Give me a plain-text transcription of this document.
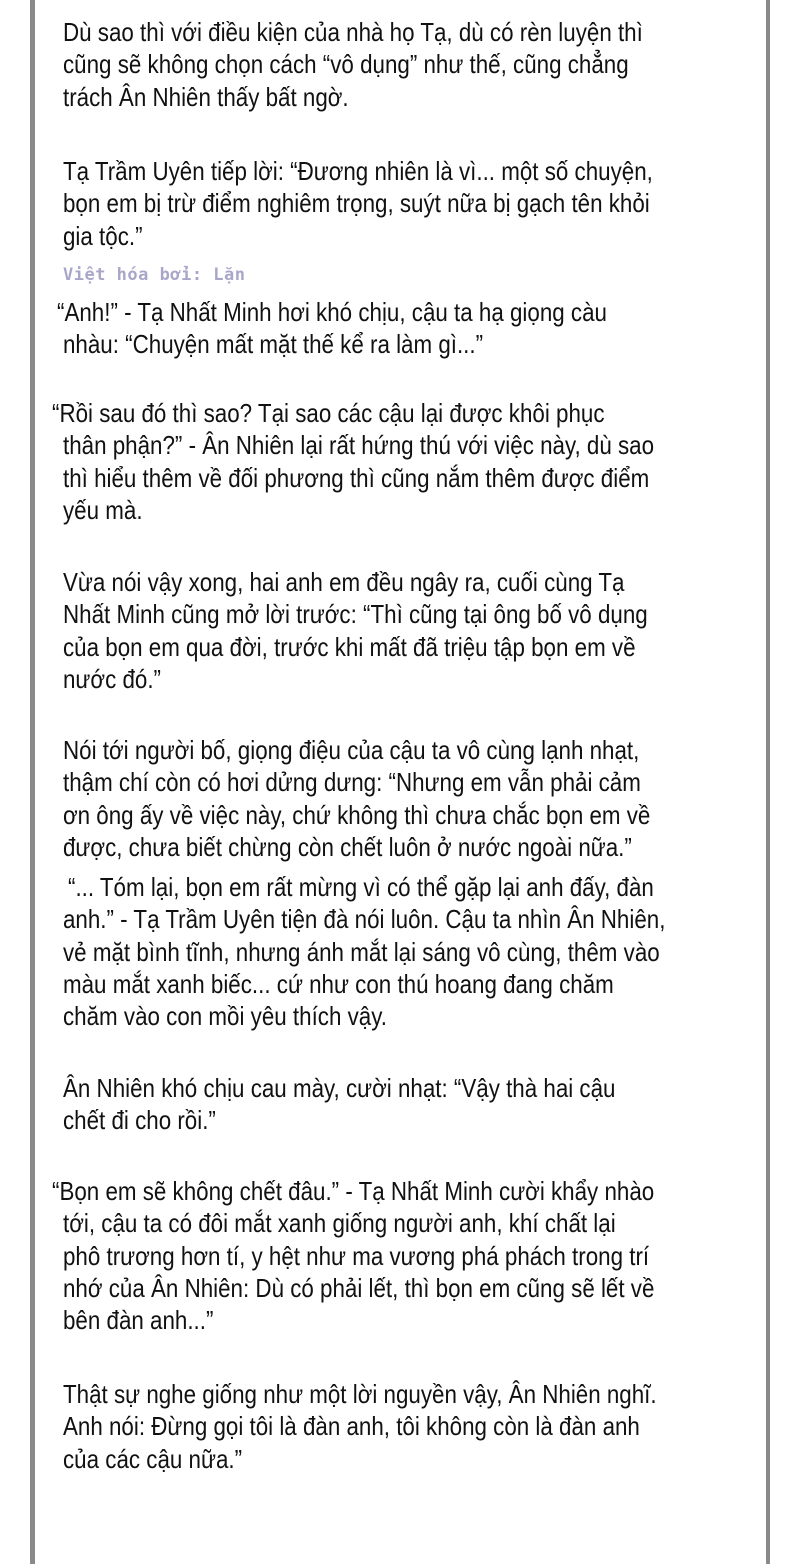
Việt hóa bởi: Lặn
Dù sao thì với điều kiện của nhà họ Tạ, dù có rèn luyện thì
cũng sẽ không chọn cách “vô dụng” như thế, cũng chẳng
trách Ân Nhiên thấy bất ngờ.
Tạ Trầm Uyên tiếp lời: “Đương nhiên là vì... một số chuyện,
bọn em bị trừ điểm nghiêm trọng, suýt nữa bị gạch tên khỏi
gia tộc.”
“Anh!” - Tạ Nhất Minh hơi khó chịu, cậu ta hạ giọng càu
nhàu: “Chuyện mất mặt thế kể ra làm gì...”
“Rồi sau đó thì sao? Tại sao các cậu lại được khôi phục
thân phận?” - Ân Nhiên lại rất hứng thú với việc này, dù sao
thì hiểu thêm về đối phương thì cũng nắm thêm được điểm
yếu mà.
Vừa nói vậy xong, hai anh em đều ngây ra, cuối cùng Tạ
Nhất Minh cũng mở lời trước: “Thì cũng tại ông bố vô dụng
của bọn em qua đời, trước khi mất đã triệu tập bọn em về
nước đó.”
Nói tới người bố, giọng điệu của cậu ta vô cùng lạnh nhạt,
thậm chí còn có hơi dửng dưng: “Nhưng em vẫn phải cảm
ơn ông ấy về việc này, chứ không thì chưa chắc bọn em về
được, chưa biết chừng còn chết luôn ở nước ngoài nữa.”
“... Tóm lại, bọn em rất mừng vì có thể gặp lại anh đấy, đàn
anh.” - Tạ Trầm Uyên tiện đà nói luôn. Cậu ta nhìn Ân Nhiên,
vẻ mặt bình tĩnh, nhưng ánh mắt lại sáng vô cùng, thêm vào
màu mắt xanh biếc... cứ như con thú hoang đang chăm
chăm vào con mồi yêu thích vậy.
Ân Nhiên khó chịu cau mày, cười nhạt: “Vậy thà hai cậu
chết đi cho rồi.”
“Bọn em sẽ không chết đâu.” - Tạ Nhất Minh cười khẩy nhào
tới, cậu ta có đôi mắt xanh giống người anh, khí chất lại
phô trương hơn tí, y hệt như ma vương phá phách trong trí
nhớ của Ân Nhiên: Dù có phải lết, thì bọn em cũng sẽ lết về
bên đàn anh...”
Thật sự nghe giống như một lời nguyền vậy, Ân Nhiên nghĩ.
Anh nói: Đừng gọi tôi là đàn anh, tôi không còn là đàn anh
của các cậu nữa.”
